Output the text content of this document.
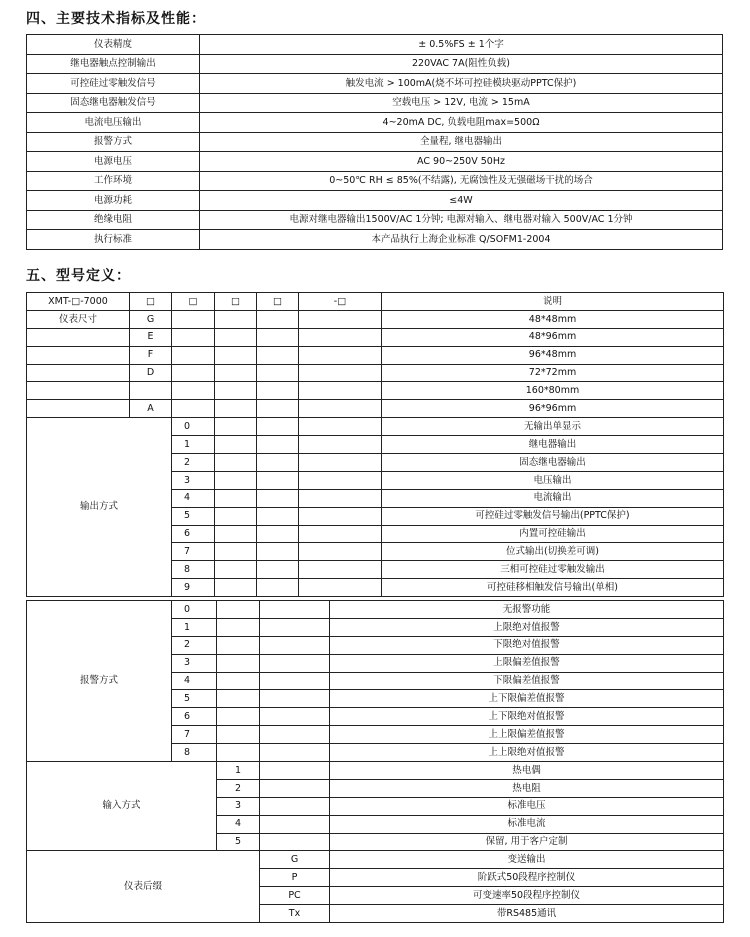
四、主要技术指标及性能：
仪表精度	± 0.5%FS ± 1个字
继电器触点控制输出	220VAC 7A(阻性负载)
可控硅过零触发信号	触发电流 > 100mA(烧不坏可控硅模块驱动PPTC保护)
固态继电器触发信号	空载电压 > 12V, 电流 > 15mA
电流电压输出	4~20mA DC, 负载电阻max=500Ω
报警方式	全量程, 继电器输出
电源电压	AC 90~250V 50Hz
工作环境	0~50℃ RH ≤ 85%(不结露), 无腐蚀性及无强磁场干扰的场合
电源功耗	≤4W
绝缘电阻	电源对继电器输出1500V/AC 1分钟; 电源对输入、继电器对输入 500V/AC 1分钟
执行标准	本产品执行上海企业标准 Q/SOFM1-2004
五、型号定义：
XMT-□-7000	□	□	□	□	-□	说明
仪表尺寸	G					48*48mm
	E					48*96mm
	F					96*48mm
	D					72*72mm
						160*80mm
	A					96*96mm
输出方式		0				无输出单显示
		1				继电器输出
		2				固态继电器输出
		3				电压输出
		4				电流输出
		5				可控硅过零触发信号输出(PPTC保护)
		6				内置可控硅输出
		7				位式输出(切换差可调)
		8				三相可控硅过零触发输出
		9				可控硅移相触发信号输出(单相)
报警方式	0			无报警功能
	1			上限绝对值报警
	2			下限绝对值报警
	3			上限偏差值报警
	4			下限偏差值报警
	5			上下限偏差值报警
	6			上下限绝对值报警
	7			上上限偏差值报警
	8			上上限绝对值报警
输入方式		1		热电偶
		2		热电阻
		3		标准电压
		4		标准电流
		5		保留, 用于客户定制
仪表后缀			G	变送输出
			P	阶跃式50段程序控制仪
			PC	可变速率50段程序控制仪
			Tx	带RS485通讯
